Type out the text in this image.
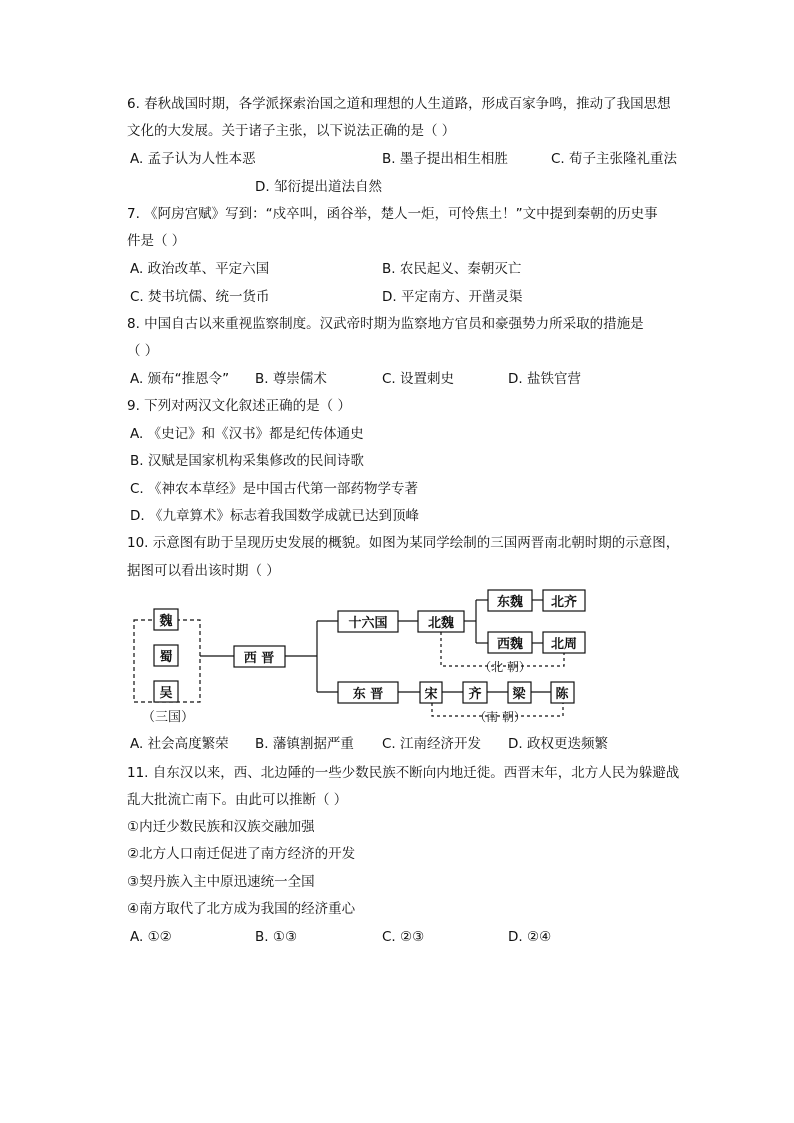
6. 春秋战国时期，各学派探索治国之道和理想的人生道路，形成百家争鸣，推动了我国思想
文化的大发展。关于诸子主张，以下说法正确的是（ ）
A. 孟子认为人性本恶	B. 墨子提出相生相胜	C. 荀子主张隆礼重法
D. 邹衍提出道法自然
7. 《阿房宫赋》写到：“戍卒叫，函谷举，楚人一炬，可怜焦土！”文中提到秦朝的历史事
件是（ ）
A. 政治改革、平定六国	B. 农民起义、秦朝灭亡
C. 焚书坑儒、统一货币	D. 平定南方、开凿灵渠
8. 中国自古以来重视监察制度。汉武帝时期为监察地方官员和豪强势力所采取的措施是
（ ）
A. 颁布“推恩令” B. 尊崇儒术	C. 设置刺史	D. 盐铁官营
9. 下列对两汉文化叙述正确的是（ ）
A. 《史记》和《汉书》都是纪传体通史
B. 汉赋是国家机构采集修改的民间诗歌
C. 《神农本草经》是中国古代第一部药物学专著
D. 《九章算术》标志着我国数学成就已达到顶峰
10. 示意图有助于呈现历史发展的概貌。如图为某同学绘制的三国两晋南北朝时期的示意图，
据图可以看出该时期（ ）
魏
蜀
吴
（三国）
西 晋
十六国	北魏
东魏 北齐
西魏 北周
（北 朝）
东 晋	宋 齐 梁 陈
（南 朝）
A. 社会高度繁荣 B. 藩镇割据严重 C. 江南经济开发 D. 政权更迭频繁
11. 自东汉以来，西、北边陲的一些少数民族不断向内地迁徙。西晋末年，北方人民为躲避战
乱大批流亡南下。由此可以推断（ ）
①内迁少数民族和汉族交融加强
②北方人口南迁促进了南方经济的开发
③契丹族入主中原迅速统一全国
④南方取代了北方成为我国的经济重心
A. ①②	B. ①③	C. ②③	D. ②④
